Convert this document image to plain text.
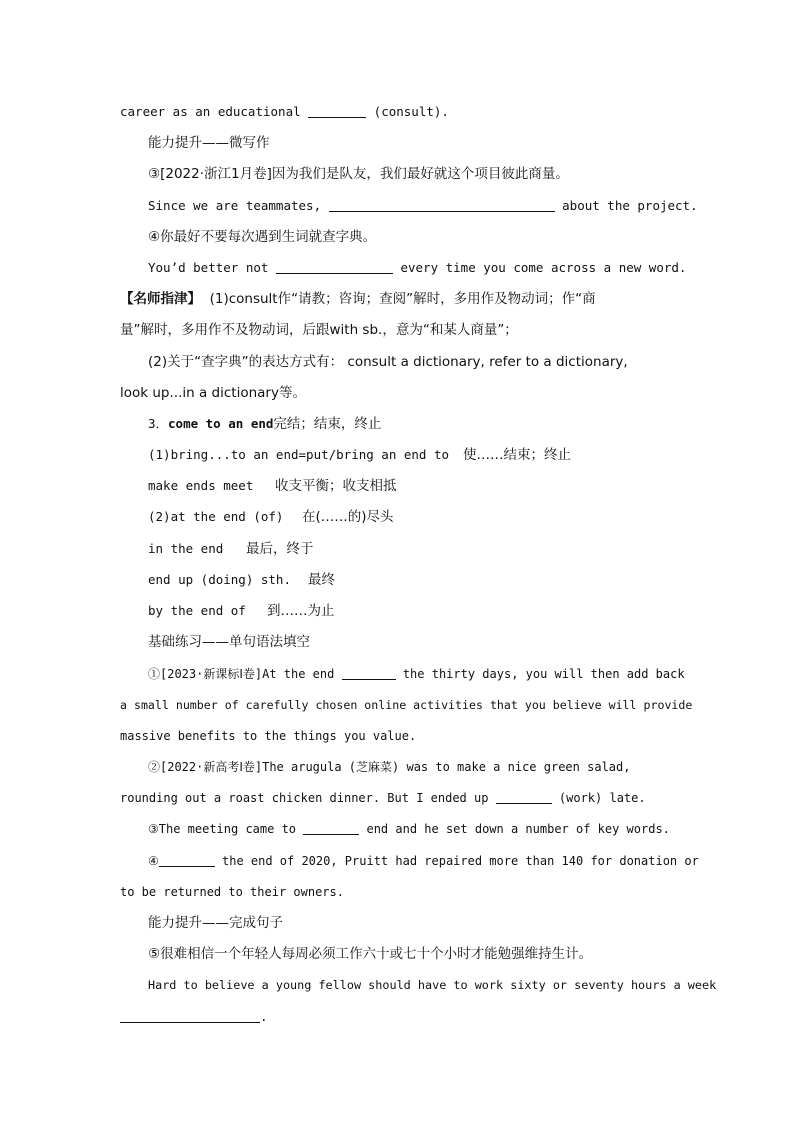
career as an educational	(consult).
能力提升——微写作
③[2022·浙江1月卷]因为我们是队友，我们最好就这个项目彼此商量。
Since we are teammates,	about the project.
④你最好不要每次遇到生词就查字典。
You’d better not	every time you come across a new word.
【名师指津】 (1)consult作“请教；咨询；查阅”解时，多用作及物动词；作“商
量”解时，多用作不及物动词，后跟with sb.，意为“和某人商量”；
(2)关于“查字典”的表达方式有： consult a dictionary, refer to a dictionary,
look up...in a dictionary等。
3．come to an end完结；结束，终止
(1)bring...to an end=put/bring an end to 使……结束；终止
make ends meet 收支平衡；收支相抵
(2)at the end (of) 在(……的)尽头
in the end 最后，终于
end up (doing) sth. 最终
by the end of 到……为止
基础练习——单句语法填空
①[2023·新课标Ⅰ卷]At the end	the thirty days, you will then add back
a small number of carefully chosen online activities that you believe will provide
massive benefits to the things you value.
②[2022·新高考Ⅰ卷]The arugula (芝麻菜) was to make a nice green salad,
rounding out a roast chicken dinner. But I ended up	(work) late.
③The meeting came to	end and he set down a number of key words.
④	the end of 2020, Pruitt had repaired more than 140 for donation or
to be returned to their owners.
能力提升——完成句子
⑤很难相信一个年轻人每周必须工作六十或七十个小时才能勉强维持生计。
Hard to believe a young fellow should have to work sixty or seventy hours a week
.
